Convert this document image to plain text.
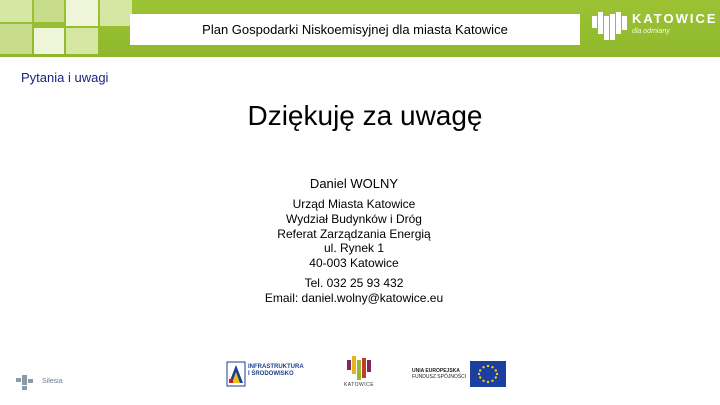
Plan Gospodarki Niskoemisyjnej dla miasta Katowice
KATOWICE
dla odmiany
Pytania i uwagi
Dziękuję za uwagę
Daniel WOLNY
Urząd Miasta Katowice
Wydział Budynków i Dróg
Referat Zarządzania Energią
ul. Rynek 1
40-003 Katowice
Tel. 032 25 93 432
Email: daniel.wolny@katowice.eu
Silesia
INFRASTRUKTURA
I ŚRODOWISKO
KATOWICE
UNIA EUROPEJSKA
FUNDUSZ SPÓJNOŚCI
